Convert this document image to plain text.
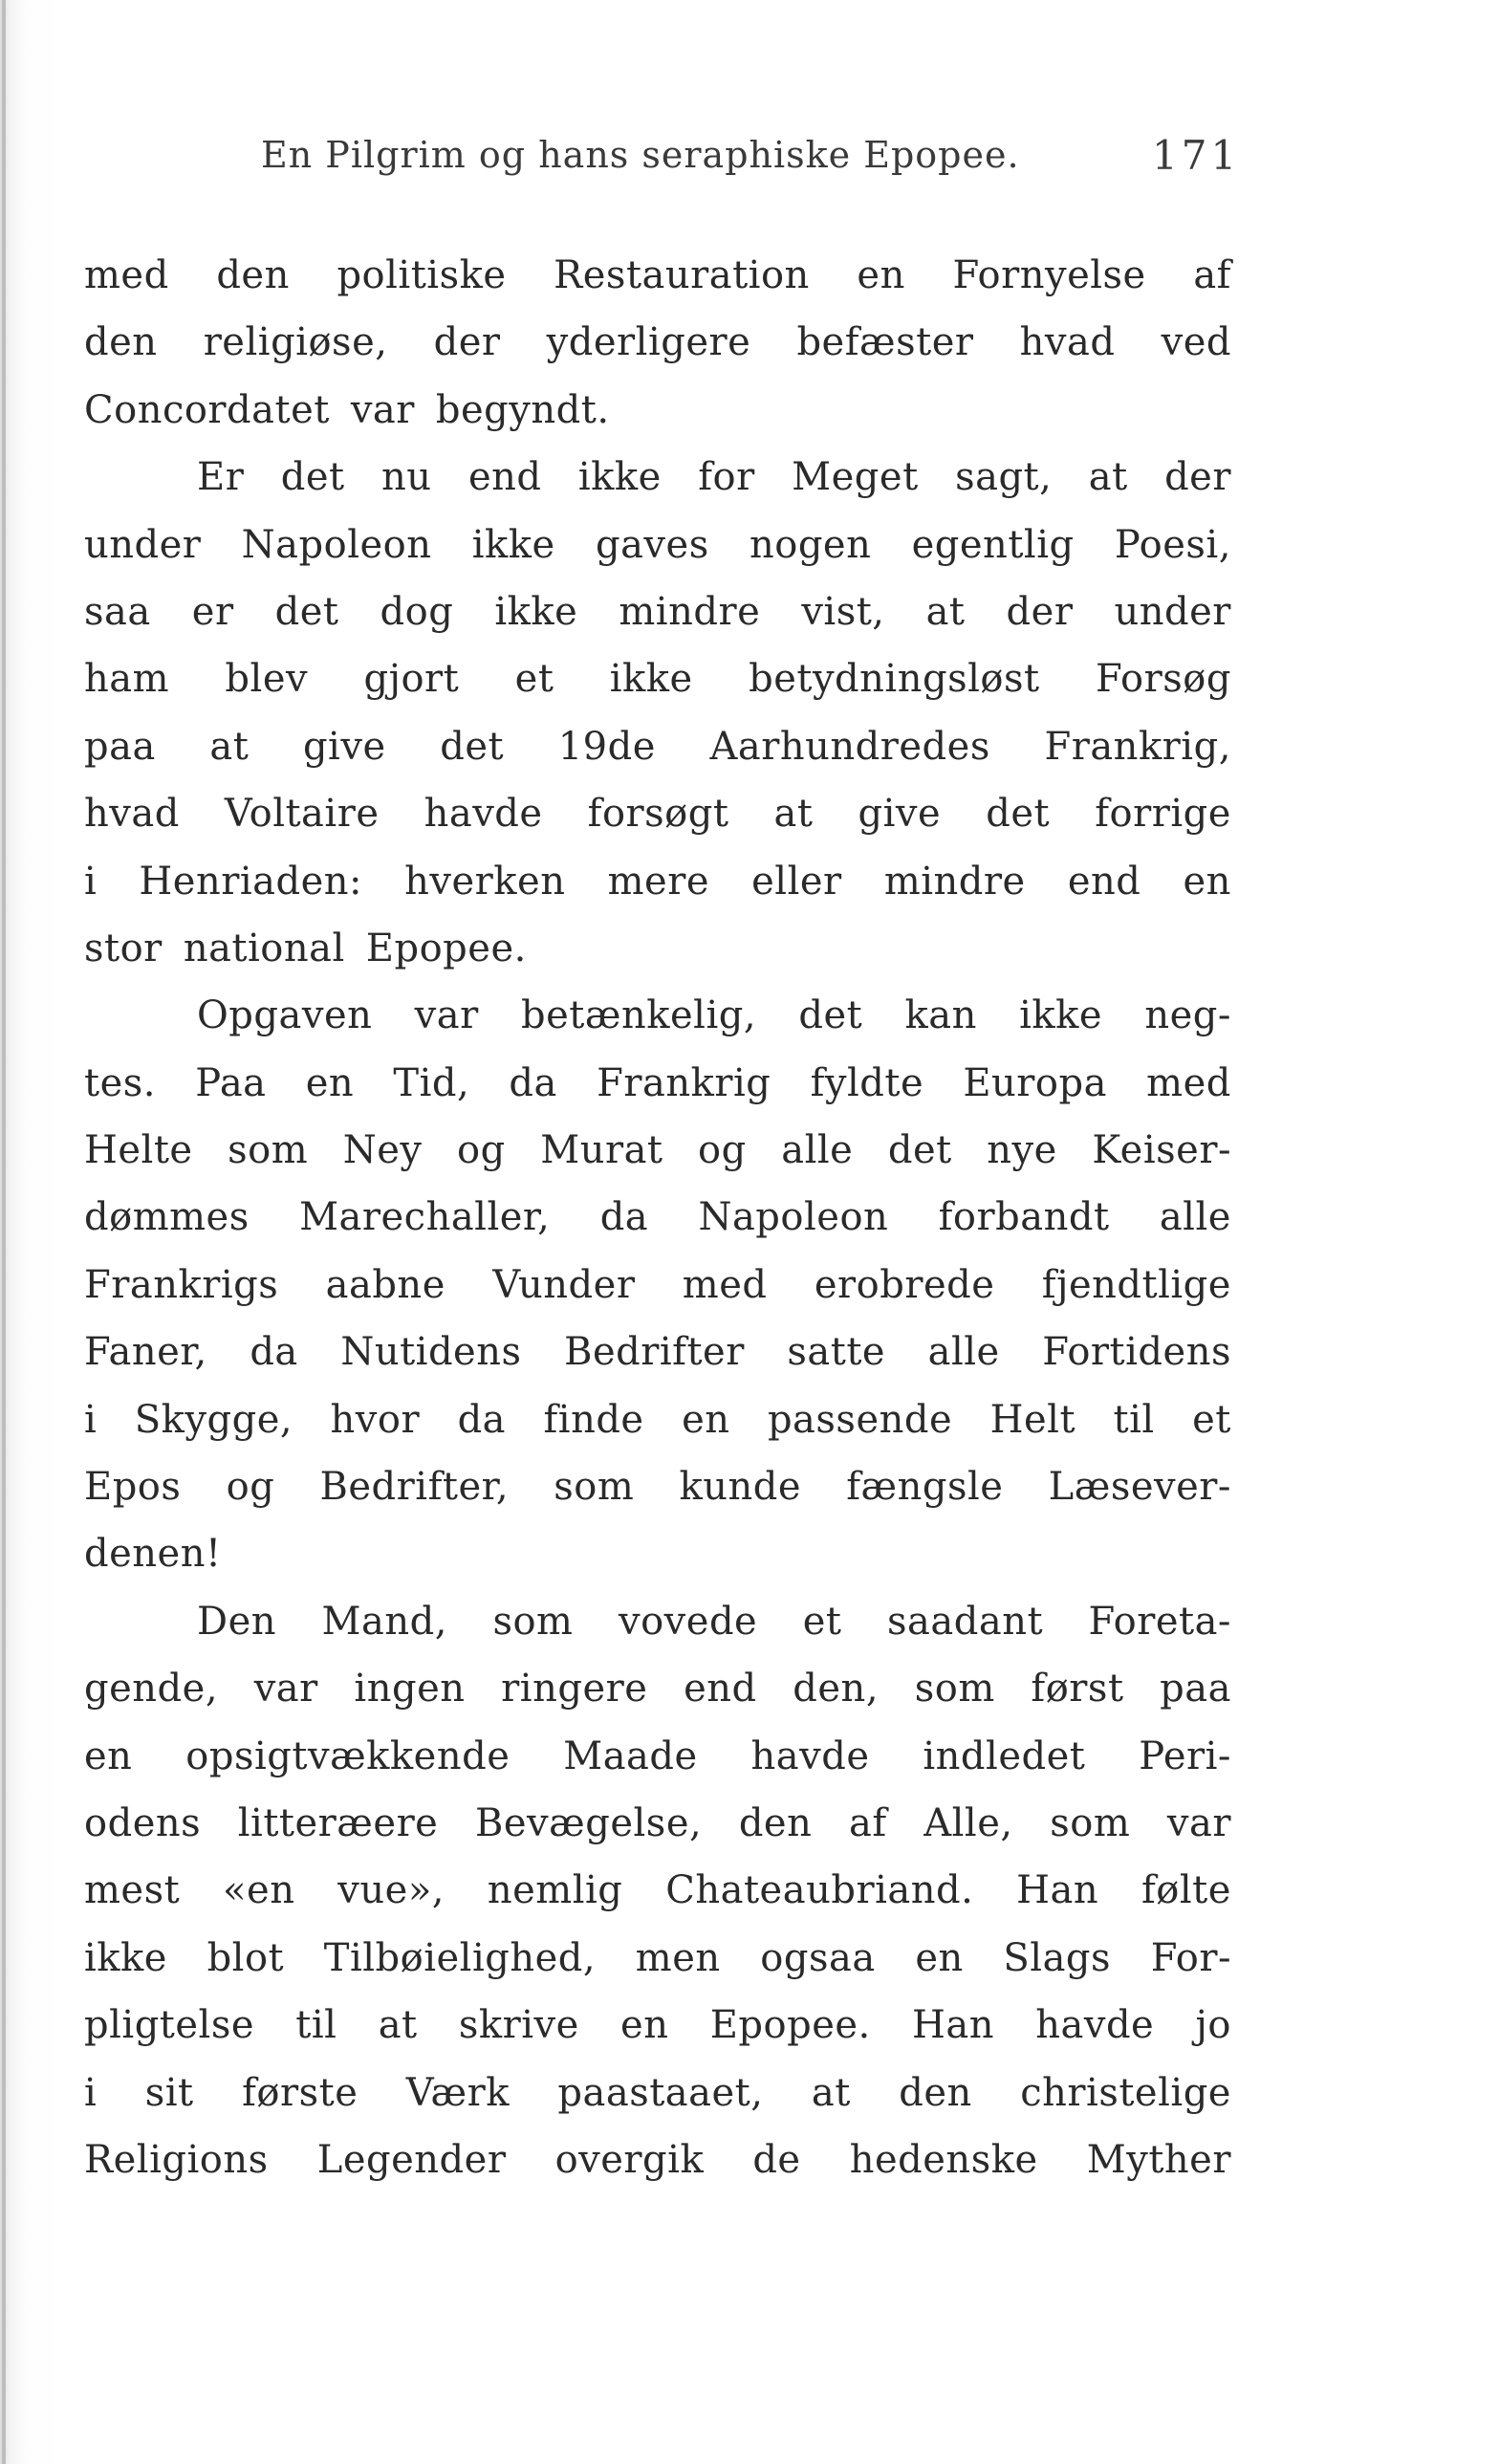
En Pilgrim og hans seraphiske Epopee.	171
med den politiske Restauration en Fornyelse af
den religiøse, der yderligere befæster hvad ved
Concordatet var begyndt.
Er det nu end ikke for Meget sagt, at der
under Napoleon ikke gaves nogen egentlig Poesi,
saa er det dog ikke mindre vist, at der under
ham blev gjort et ikke betydningsløst Forsøg
paa at give det 19de Aarhundredes Frankrig,
hvad Voltaire havde forsøgt at give det forrige
i Henriaden: hverken mere eller mindre end en
stor national Epopee.
Opgaven var betænkelig, det kan ikke neg-
tes. Paa en Tid, da Frankrig fyldte Europa med
Helte som Ney og Murat og alle det nye Keiser-
dømmes Marechaller, da Napoleon forbandt alle
Frankrigs aabne Vunder med erobrede fjendtlige
Faner, da Nutidens Bedrifter satte alle Fortidens
i Skygge, hvor da finde en passende Helt til et
Epos og Bedrifter, som kunde fængsle Læsever-
denen!
Den Mand, som vovede et saadant Foreta-
gende, var ingen ringere end den, som først paa
en opsigtvækkende Maade havde indledet Peri-
odens litteræere Bevægelse, den af Alle, som var
mest «en vue», nemlig Chateaubriand. Han følte
ikke blot Tilbøielighed, men ogsaa en Slags For-
pligtelse til at skrive en Epopee. Han havde jo
i sit første Værk paastaaet, at den christelige
Religions Legender overgik de hedenske Myther
